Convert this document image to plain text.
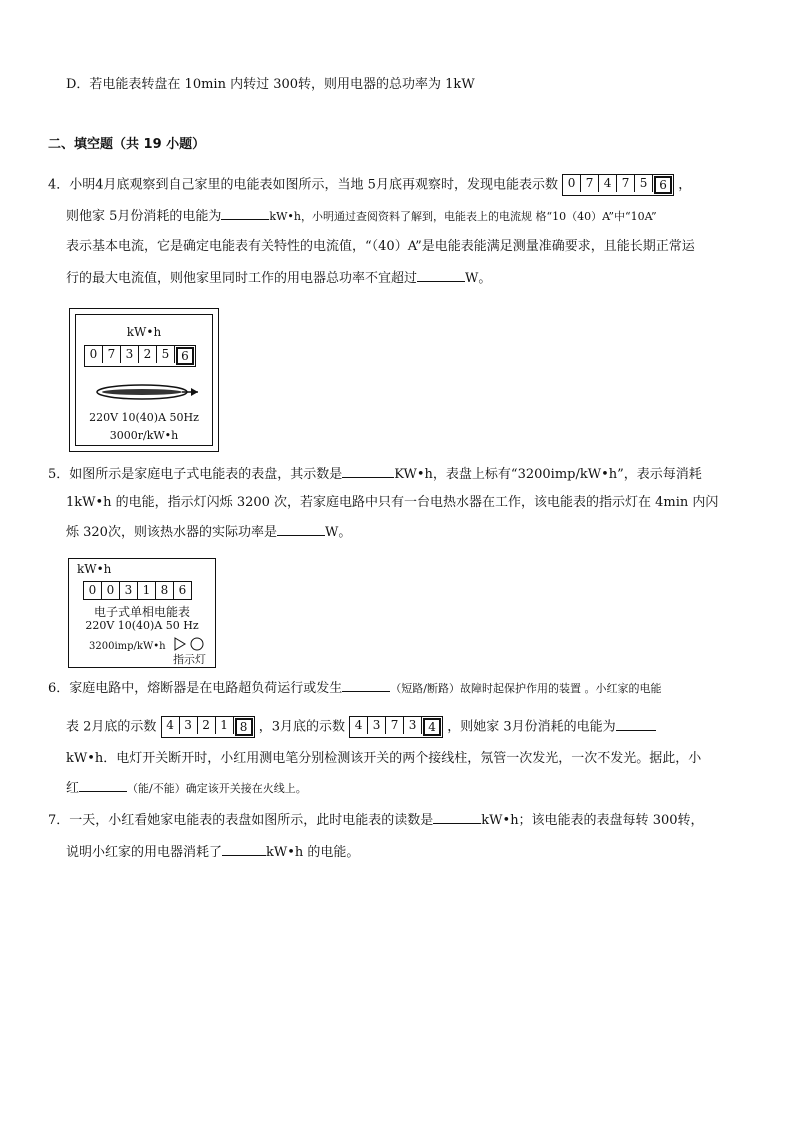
D．若电能表转盘在 10min 内转过 300转，则用电器的总功率为 1kW
二、填空题（共 19 小题）
4．小明4月底观察到自己家里的电能表如图所示，当地 5月底再观察时，发现电能表示数 0 7 4 7 5 6 ，
则他家 5月份消耗的电能为	kW•h，小明通过查阅资料了解到，电能表上的电流规 格“10（40）A”中“10A”
表示基本电流，它是确定电能表有关特性的电流值，“（40）A”是电能表能满足测量准确要求，且能长期正常运
行的最大电流值，则他家里同时工作的用电器总功率不宜超过	W。
kW•h
0 7 3 2 5 6
220V 10(40)A 50Hz
3000r/kW•h
5．如图所示是家庭电子式电能表的表盘，其示数是	KW•h，表盘上标有“3200imp/kW•h”，表示每消耗
1kW•h 的电能，指示灯闪烁 3200 次，若家庭电路中只有一台电热水器在工作，该电能表的指示灯在 4min 内闪
烁 320次，则该热水器的实际功率是	W。
kW•h
0 0 3 1 8 6
电子式单相电能表
220V 10(40)A 50 Hz
3200imp/kW•h
指示灯
6．家庭电路中，熔断器是在电路超负荷运行或发生	（短路/断路）故障时起保护作用的装置 。小红家的电能
表 2月底的示数 4 3 2 1 8 ，3月底的示数 4 3 7 3 4 ，则她家 3月份消耗的电能为
kW•h．电灯开关断开时，小红用测电笔分别检测该开关的两个接线柱，氖管一次发光，一次不发光。据此，小
红	（能/不能）确定该开关接在火线上。
7．一天，小红看她家电能表的表盘如图所示，此时电能表的读数是	kW•h；该电能表的表盘每转 300转，
说明小红家的用电器消耗了	kW•h 的电能。
